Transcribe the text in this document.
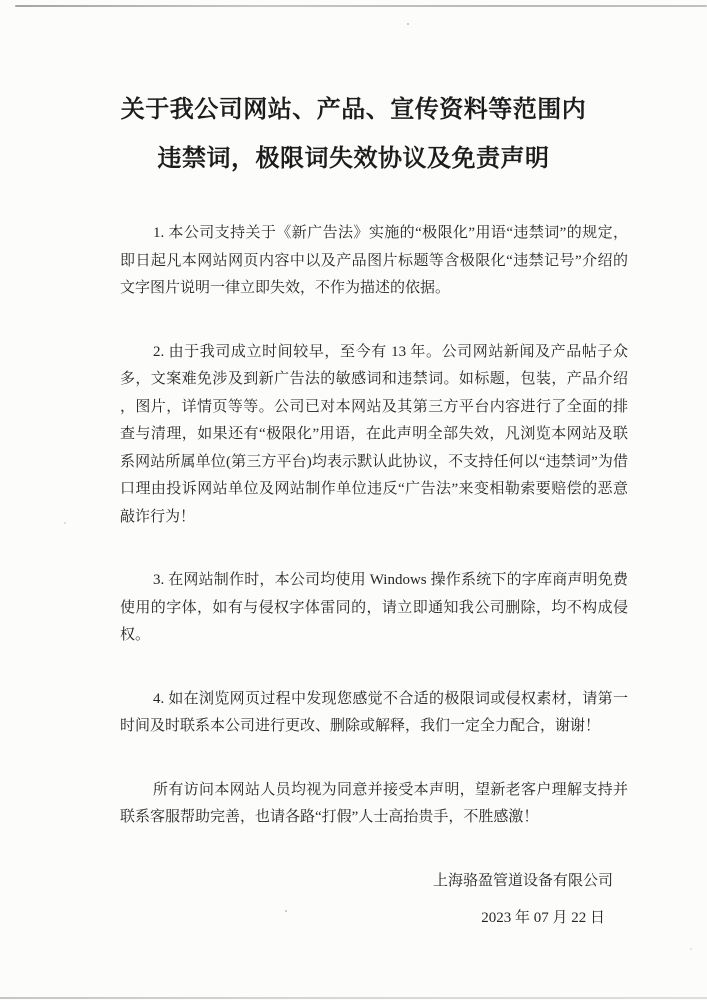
关于我公司网站、产品、宣传资料等范围内
违禁词，极限词失效协议及免责声明

1. 本公司支持关于《新广告法》实施的“极限化”用语“违禁词”的规定，即日起凡本网站网页内容中以及产品图片标题等含极限化“违禁记号”介绍的文字图片说明一律立即失效，不作为描述的依据。

2. 由于我司成立时间较早，至今有 13 年。公司网站新闻及产品帖子众多，文案难免涉及到新广告法的敏感词和违禁词。如标题，包装，产品介绍 ，图片，详情页等等。公司已对本网站及其第三方平台内容进行了全面的排查与清理，如果还有“极限化”用语，在此声明全部失效，凡浏览本网站及联系网站所属单位(第三方平台)均表示默认此协议，不支持任何以“违禁词”为借口理由投诉网站单位及网站制作单位违反“广告法”来变相勒索要赔偿的恶意敲诈行为！

3. 在网站制作时，本公司均使用 Windows 操作系统下的字库商声明免费使用的字体，如有与侵权字体雷同的，请立即通知我公司删除，均不构成侵权。

4. 如在浏览网页过程中发现您感觉不合适的极限词或侵权素材，请第一时间及时联系本公司进行更改、删除或解释，我们一定全力配合，谢谢！

所有访问本网站人员均视为同意并接受本声明，望新老客户理解支持并联系客服帮助完善，也请各路“打假”人士高抬贵手，不胜感激！

上海骆盈管道设备有限公司

2023 年 07 月 22 日
